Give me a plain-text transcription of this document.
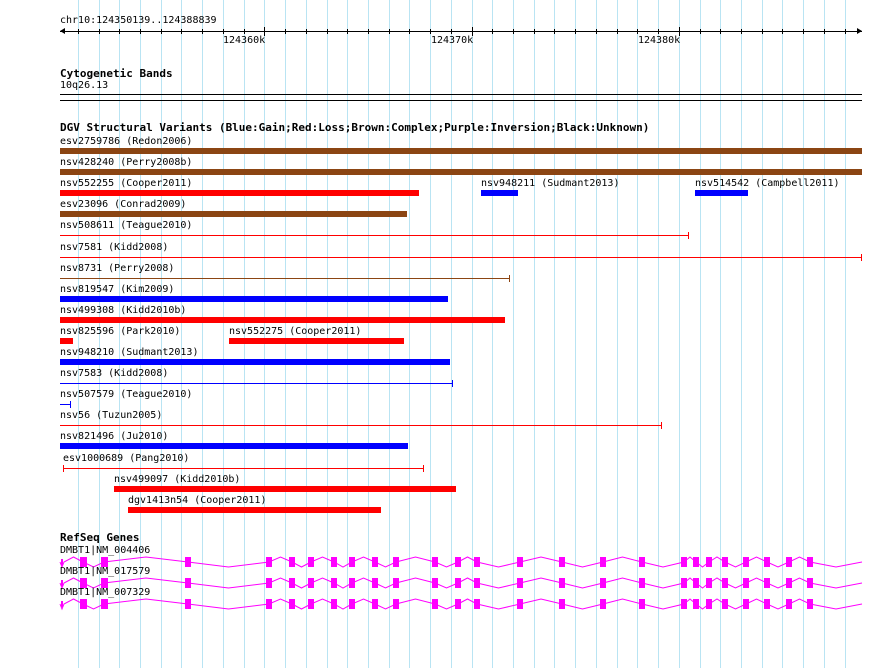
chr10:124350139..124388839
124360k	124370k	124380k
Cytogenetic Bands
10q26.13
DGV Structural Variants (Blue:Gain;Red:Loss;Brown:Complex;Purple:Inversion;Black:Unknown)
esv2759786 (Redon2006)
nsv428240 (Perry2008b)
nsv552255 (Cooper2011)	nsv948211 (Sudmant2013)	nsv514542 (Campbell2011)
esv23096 (Conrad2009)
nsv508611 (Teague2010)
nsv7581 (Kidd2008)
nsv8731 (Perry2008)
nsv819547 (Kim2009)
nsv499308 (Kidd2010b)
nsv825596 (Park2010)	nsv552275 (Cooper2011)
nsv948210 (Sudmant2013)
nsv7583 (Kidd2008)
nsv507579 (Teague2010)
nsv56 (Tuzun2005)
nsv821496 (Ju2010)
esv1000689 (Pang2010)
nsv499097 (Kidd2010b)
dgv1413n54 (Cooper2011)
RefSeq Genes
DMBT1|NM_004406
DMBT1|NM_017579
DMBT1|NM_007329
